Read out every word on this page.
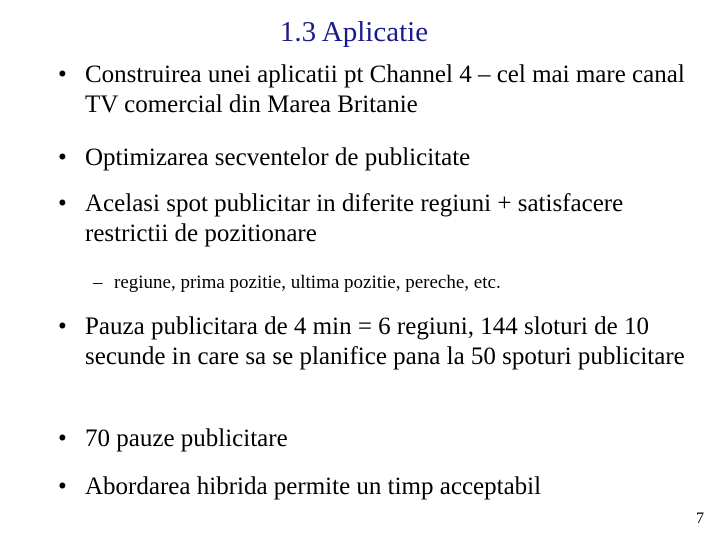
1.3 Aplicatie
• Construirea unei aplicatii pt Channel 4 – cel mai mare canal TV comercial din Marea Britanie
• Optimizarea secventelor de publicitate
• Acelasi spot publicitar in diferite regiuni + satisfacere restrictii de pozitionare
– regiune, prima pozitie, ultima pozitie, pereche, etc.
• Pauza publicitara de 4 min = 6 regiuni, 144 sloturi de 10 secunde in care sa se planifice pana la 50 spoturi publicitare
• 70 pauze publicitare
• Abordarea hibrida permite un timp acceptabil
7
